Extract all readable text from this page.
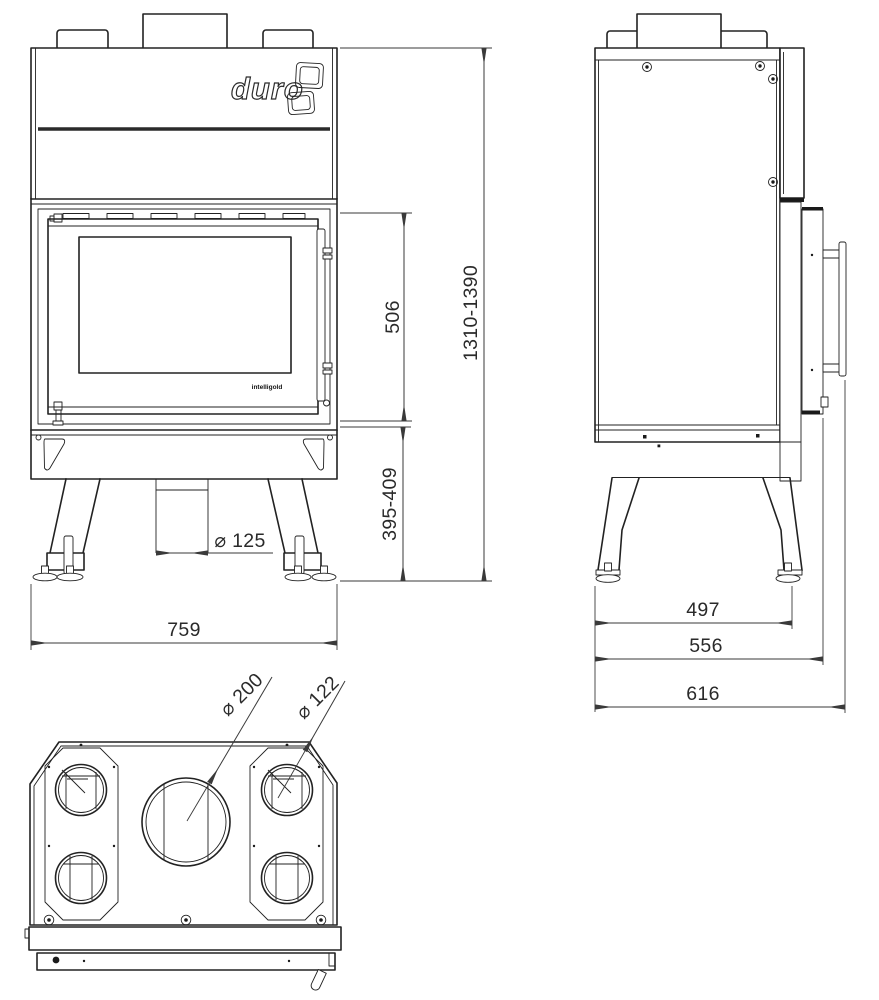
duro
intelligold
506
395-409
1310-1390
⌀ 125
759
497
556
616
⌀ 200 ⌀ 122
